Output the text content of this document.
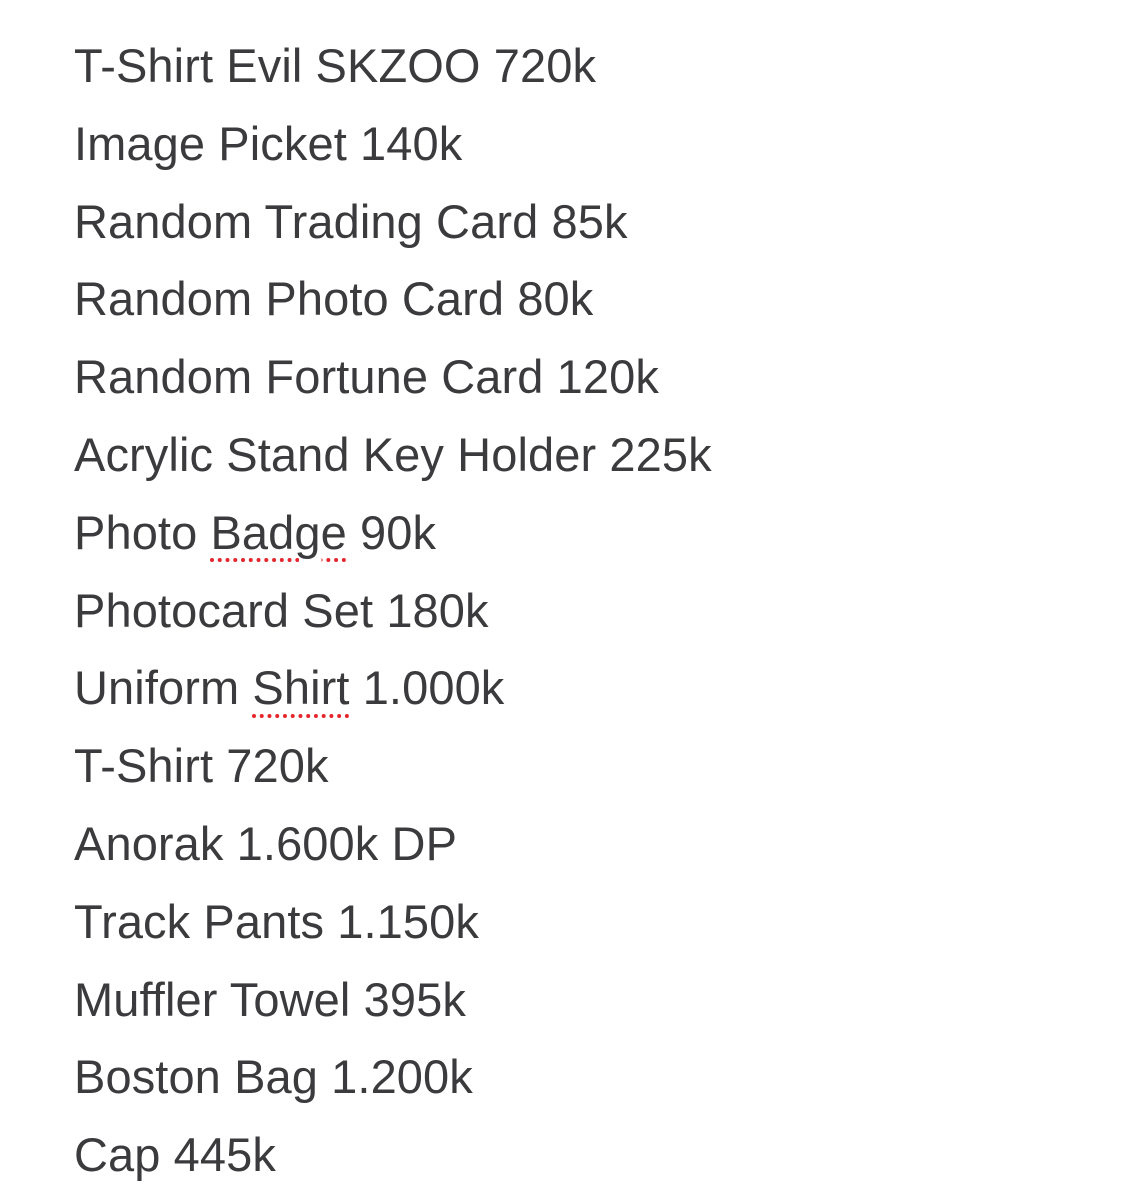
T-Shirt Evil SKZOO 720k
Image Picket 140k
Random Trading Card 85k
Random Photo Card 80k
Random Fortune Card 120k
Acrylic Stand Key Holder 225k
Photo Badge 90k
Photocard Set 180k
Uniform Shirt 1.000k
T-Shirt 720k
Anorak 1.600k DP
Track Pants 1.150k
Muffler Towel 395k
Boston Bag 1.200k
Cap 445k
